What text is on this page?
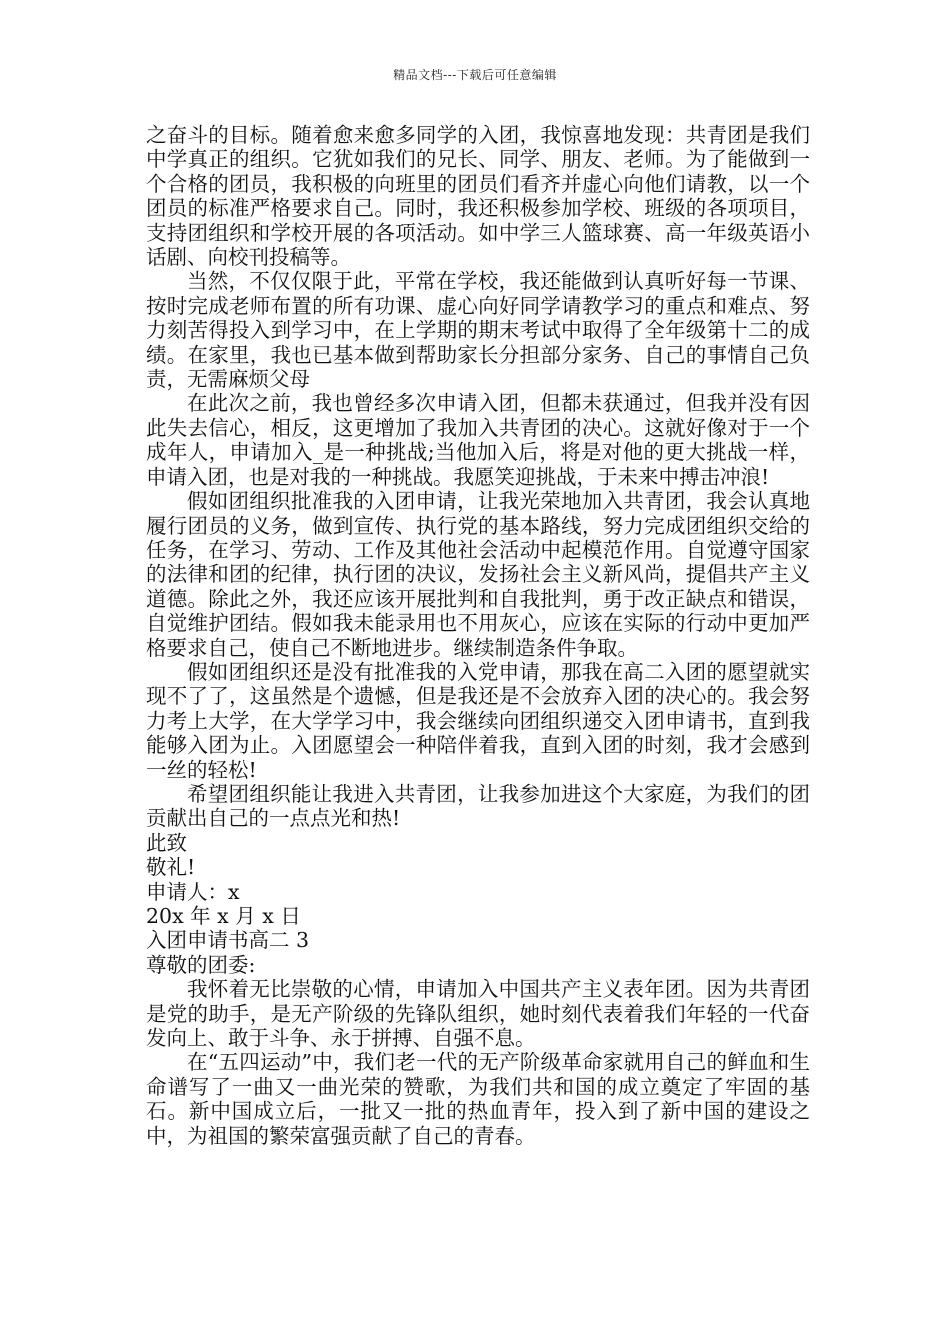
精品文档---下载后可任意编辑

之奋斗的目标。随着愈来愈多同学的入团，我惊喜地发现：共青团是我们中学真正的组织。它犹如我们的兄长、同学、朋友、老师。为了能做到一个合格的团员，我积极的向班里的团员们看齐并虚心向他们请教，以一个团员的标准严格要求自己。同时，我还积极参加学校、班级的各项项目，支持团组织和学校开展的各项活动。如中学三人篮球赛、高一年级英语小话剧、向校刊投稿等。

当然，不仅仅限于此，平常在学校，我还能做到认真听好每一节课、按时完成老师布置的所有功课、虚心向好同学请教学习的重点和难点、努力刻苦得投入到学习中，在上学期的期末考试中取得了全年级第十二的成绩。在家里，我也已基本做到帮助家长分担部分家务、自己的事情自己负责，无需麻烦父母

在此次之前，我也曾经多次申请入团，但都未获通过，但我并没有因此失去信心，相反，这更增加了我加入共青团的决心。这就好像对于一个成年人，申请加入_是一种挑战;当他加入后，将是对他的更大挑战一样，申请入团，也是对我的一种挑战。我愿笑迎挑战，于未来中搏击冲浪!

假如团组织批准我的入团申请，让我光荣地加入共青团，我会认真地履行团员的义务，做到宣传、执行党的基本路线，努力完成团组织交给的任务，在学习、劳动、工作及其他社会活动中起模范作用。自觉遵守国家的法律和团的纪律，执行团的决议，发扬社会主义新风尚，提倡共产主义道德。除此之外，我还应该开展批判和自我批判，勇于改正缺点和错误，自觉维护团结。假如我未能录用也不用灰心，应该在实际的行动中更加严格要求自己，使自己不断地进步。继续制造条件争取。

假如团组织还是没有批准我的入党申请，那我在高二入团的愿望就实现不了了，这虽然是个遗憾，但是我还是不会放弃入团的决心的。我会努力考上大学，在大学学习中，我会继续向团组织递交入团申请书，直到我能够入团为止。入团愿望会一种陪伴着我，直到入团的时刻，我才会感到一丝的轻松!

希望团组织能让我进入共青团，让我参加进这个大家庭，为我们的团贡献出自己的一点点光和热!

此致

敬礼!

申请人：x

20x 年 x 月 x 日

入团申请书高二 3

尊敬的团委:

我怀着无比崇敬的心情，申请加入中国共产主义表年团。因为共青团是党的助手，是无产阶级的先锋队组织，她时刻代表着我们年轻的一代奋发向上、敢于斗争、永于拼搏、自强不息。

在“五四运动”中，我们老一代的无产阶级革命家就用自己的鲜血和生命谱写了一曲又一曲光荣的赞歌，为我们共和国的成立奠定了牢固的基石。新中国成立后，一批又一批的热血青年，投入到了新中国的建设之中，为祖国的繁荣富强贡献了自己的青春。
